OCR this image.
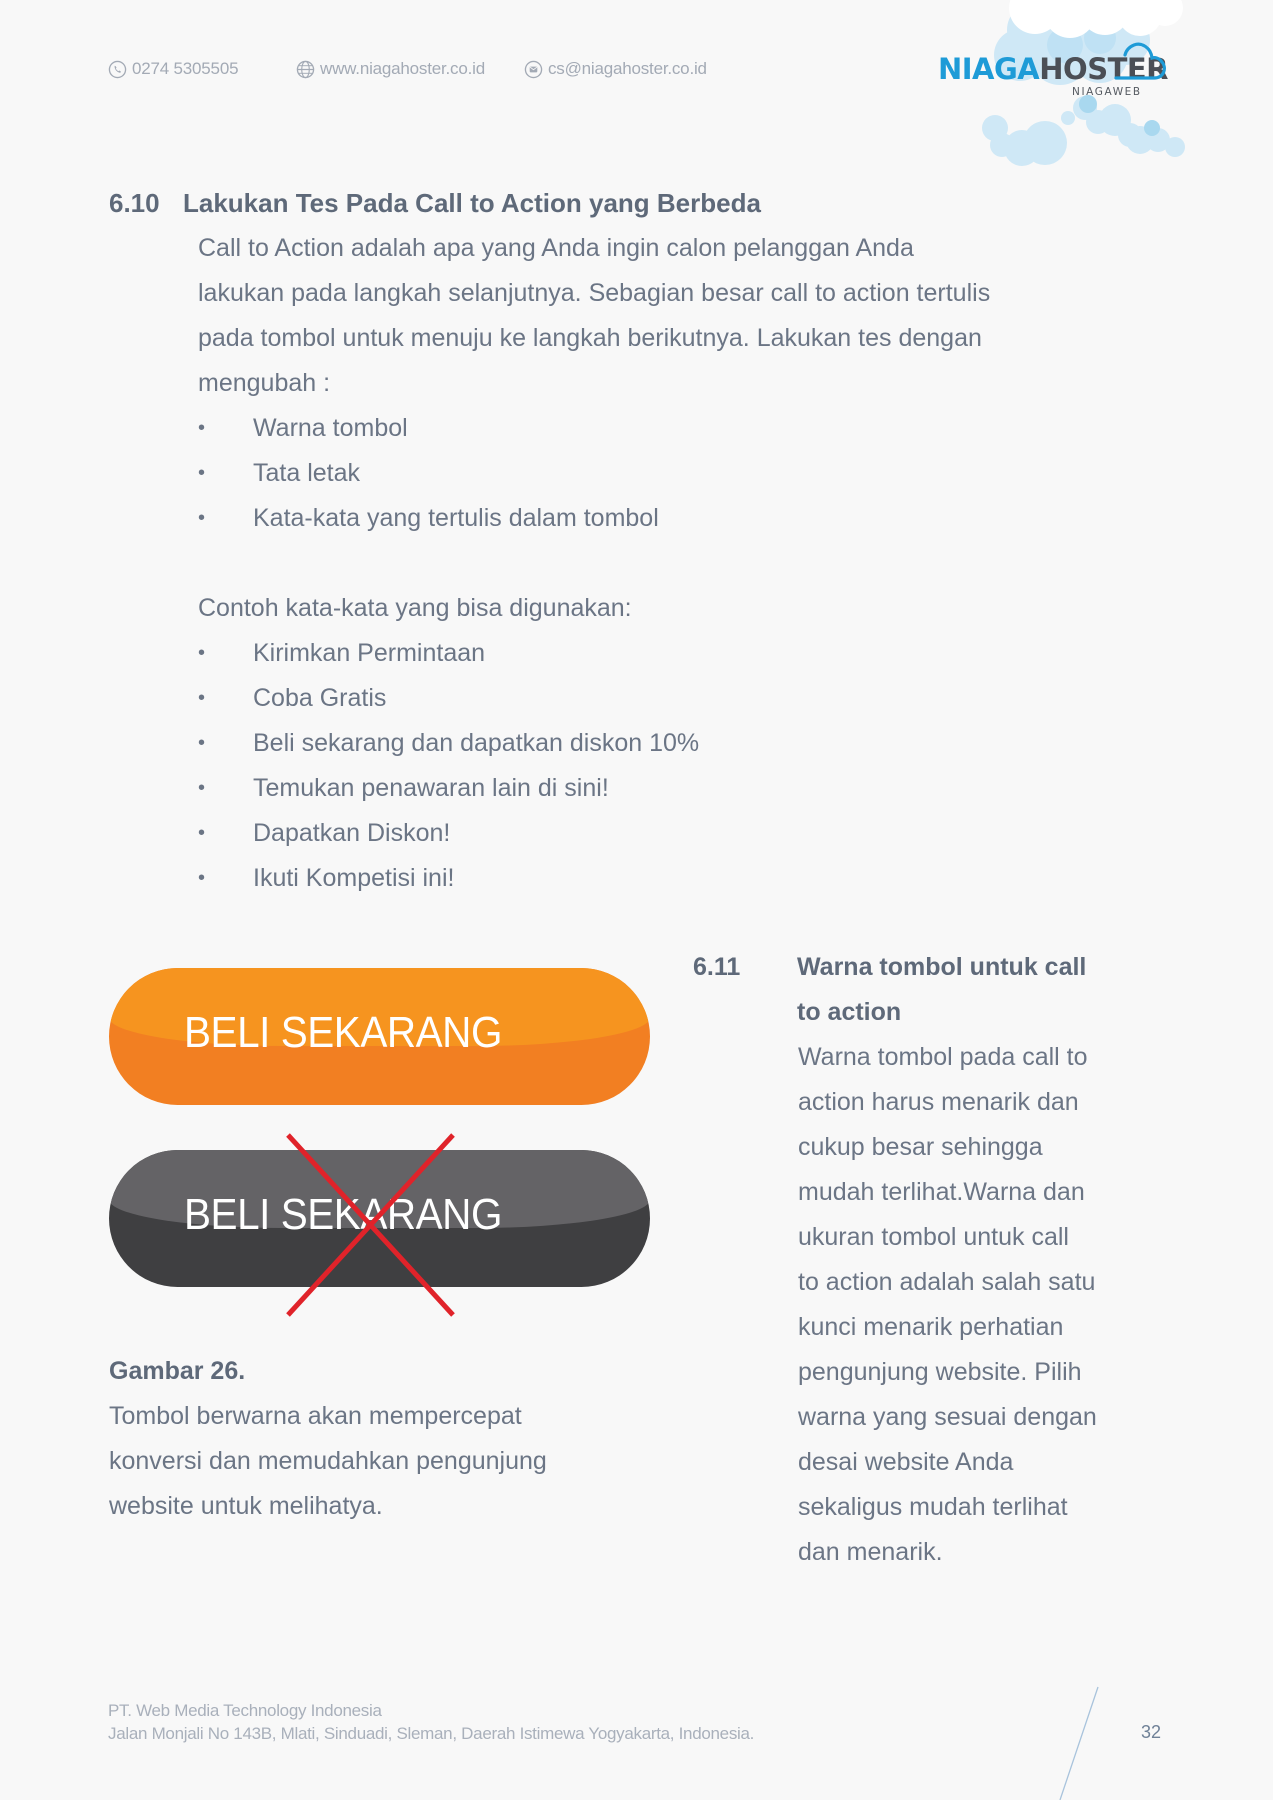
0274 5305505	www.niagahoster.co.id	cs@niagahoster.co.id	NIAGAHOSTER
NIAGAWEB
6.10 Lakukan Tes Pada Call to Action yang Berbeda
Call to Action adalah apa yang Anda ingin calon pelanggan Anda
lakukan pada langkah selanjutnya. Sebagian besar call to action tertulis
pada tombol untuk menuju ke langkah berikutnya. Lakukan tes dengan
mengubah :
• Warna tombol
• Tata letak
• Kata-kata yang tertulis dalam tombol
Contoh kata-kata yang bisa digunakan:
• Kirimkan Permintaan
• Coba Gratis
• Beli sekarang dan dapatkan diskon 10%
• Temukan penawaran lain di sini!
• Dapatkan Diskon!
• Ikuti Kompetisi ini!
BELI SEKARANG
BELI SEKARANG
Gambar 26.
Tombol berwarna akan mempercepat
konversi dan memudahkan pengunjung
website untuk melihatya.
6.11 Warna tombol untuk call
to action
Warna tombol pada call to
action harus menarik dan
cukup besar sehingga
mudah terlihat.Warna dan
ukuran tombol untuk call
to action adalah salah satu
kunci menarik perhatian
pengunjung website. Pilih
warna yang sesuai dengan
desai website Anda
sekaligus mudah terlihat
dan menarik.
PT. Web Media Technology Indonesia
Jalan Monjali No 143B, Mlati, Sinduadi, Sleman, Daerah Istimewa Yogyakarta, Indonesia.	32
